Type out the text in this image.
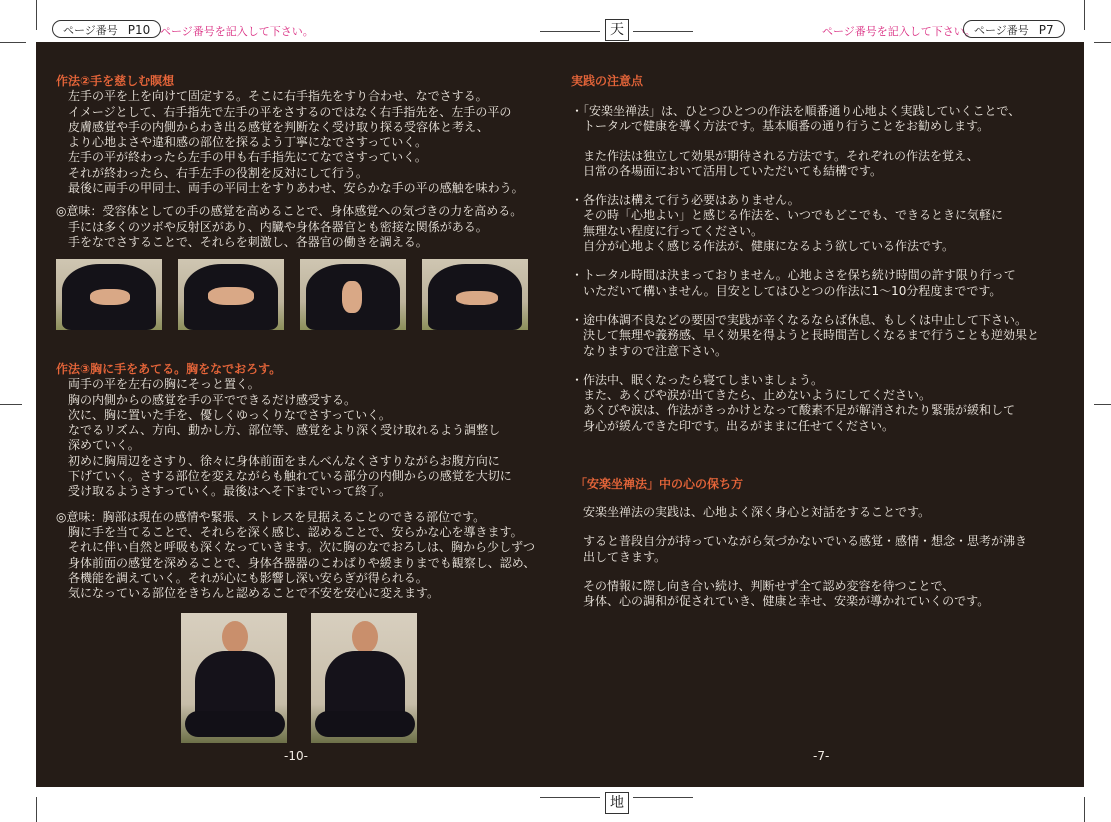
ページ番号 P10 ページ番号を記入して下さい。	ページ番号を記入して下さい。
ページ番号 P7
天
地
作法②手を慈しむ瞑想
左手の平を上を向けて固定する。そこに右手指先をすり合わせ、なでさする。
イメージとして、右手指先で左手の平をさするのではなく右手指先を、左手の平の
皮膚感覚や手の内側からわき出る感覚を判断なく受け取り探る受容体と考え、
より心地よさや違和感の部位を探るよう丁寧になでさすっていく。
左手の平が終わったら左手の甲も右手指先にてなでさすっていく。
それが終わったら、右手左手の役割を反対にして行う。
最後に両手の甲同士、両手の平同士をすりあわせ、安らかな手の平の感触を味わう。
◎意味：受容体としての手の感覚を高めることで、身体感覚への気づきの力を高める。
手には多くのツボや反射区があり、内臓や身体各器官とも密接な関係がある。
手をなでさすることで、それらを刺激し、各器官の働きを調える。
作法③胸に手をあてる。胸をなでおろす。
両手の平を左右の胸にそっと置く。
胸の内側からの感覚を手の平でできるだけ感受する。
次に、胸に置いた手を、優しくゆっくりなでさすっていく。
なでるリズム、方向、動かし方、部位等、感覚をより深く受け取れるよう調整し
深めていく。
初めに胸周辺をさすり、徐々に身体前面をまんべんなくさすりながらお腹方向に
下げていく。さする部位を変えながらも触れている部分の内側からの感覚を大切に
受け取るようさすっていく。最後はへそ下までいって終了。
◎意味：胸部は現在の感情や緊張、ストレスを見据えることのできる部位です。
胸に手を当てることで、それらを深く感じ、認めることで、安らかな心を導きます。
それに伴い自然と呼吸も深くなっていきます。次に胸のなでおろしは、胸から少しずつ
身体前面の感覚を深めることで、身体各器器のこわばりや緩まりまでも観察し、認め、
各機能を調えていく。それが心にも影響し深い安らぎが得られる。
気になっている部位をきちんと認めることで不安を安心に変えます。
-10-
実践の注意点
・「安楽坐禅法」は、ひとつひとつの作法を順番通り心地よく実践していくことで、
トータルで健康を導く方法です。基本順番の通り行うことをお勧めします。
また作法は独立して効果が期待される方法です。それぞれの作法を覚え、
日常の各場面において活用していただいても結構です。
・各作法は構えて行う必要はありません。
その時「心地よい」と感じる作法を、いつでもどこでも、できるときに気軽に
無理ない程度に行ってください。
自分が心地よく感じる作法が、健康になるよう欲している作法です。
・トータル時間は決まっておりません。心地よさを保ち続け時間の許す限り行って
いただいて構いません。目安としてはひとつの作法に1～10分程度までです。
・途中体調不良などの要因で実践が辛くなるならば休息、もしくは中止して下さい。
決して無理や義務感、早く効果を得ようと長時間苦しくなるまで行うことも逆効果と
なりますので注意下さい。
・作法中、眠くなったら寝てしまいましょう。
また、あくびや涙が出てきたら、止めないようにしてください。
あくびや涙は、作法がきっかけとなって酸素不足が解消されたり緊張が緩和して
身心が緩んできた印です。出るがままに任せてください。
「安楽坐禅法」中の心の保ち方
安楽坐禅法の実践は、心地よく深く身心と対話をすることです。
すると普段自分が持っていながら気づかないでいる感覚・感情・想念・思考が沸き
出してきます。
その情報に際し向き合い続け、判断せず全て認め変容を待つことで、
身体、心の調和が促されていき、健康と幸せ、安楽が導かれていくのです。
-7-
